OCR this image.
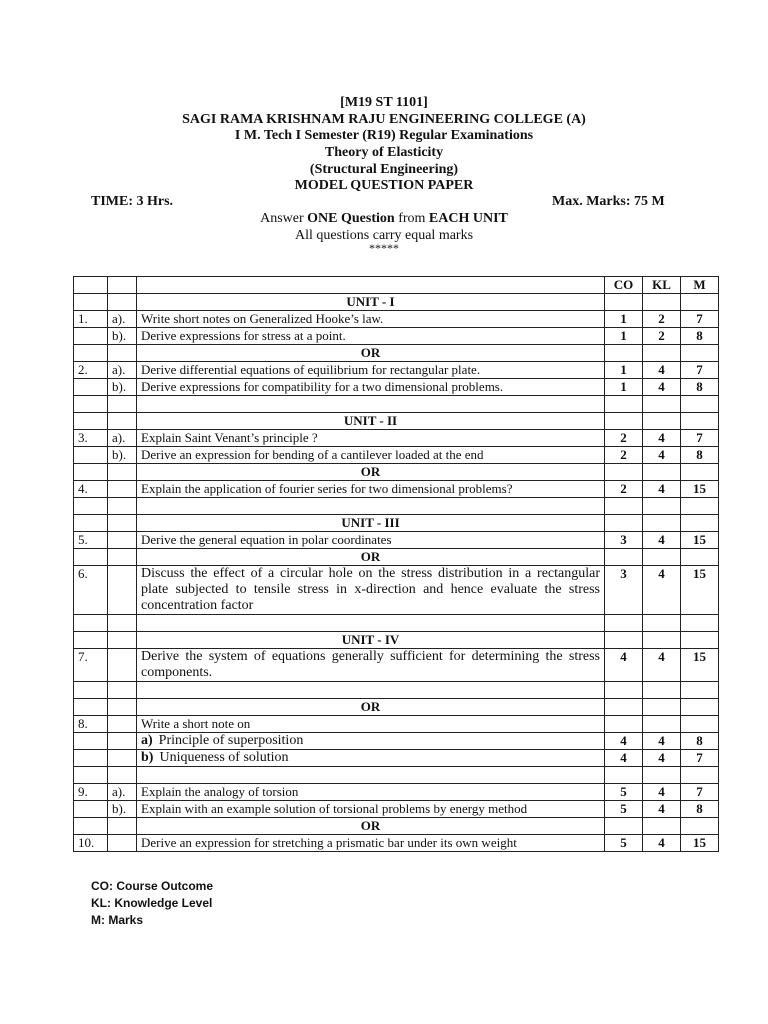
[M19 ST 1101]
SAGI RAMA KRISHNAM RAJU ENGINEERING COLLEGE (A)
I M. Tech I Semester (R19) Regular Examinations
Theory of Elasticity
(Structural Engineering)
MODEL QUESTION PAPER
TIME: 3 Hrs.	Max. Marks: 75 M
Answer ONE Question from EACH UNIT
All questions carry equal marks
*****
			CO	KL	M
		UNIT - I			
1.	a).	Write short notes on Generalized Hooke’s law.	1	2	7
	b).	Derive expressions for stress at a point.	1	2	8
		OR			
2.	a).	Derive differential equations of equilibrium for rectangular plate.	1	4	7
	b).	Derive expressions for compatibility for a two dimensional problems.	1	4	8

		UNIT - II			
3.	a).	Explain Saint Venant’s principle ?	2	4	7
	b).	Derive an expression for bending of a cantilever loaded at the end	2	4	8
		OR			
4.		Explain the application of fourier series for two dimensional problems?	2	4	15

		UNIT - III			
5.		Derive the general equation in polar coordinates	3	4	15
		OR			
6.		Discuss the effect of a circular hole on the stress distribution in a rectangular plate subjected to tensile stress in x-direction and hence evaluate the stress concentration factor	3	4	15

		UNIT - IV			
7.		Derive the system of equations generally sufficient for determining the stress components.	4	4	15

		OR			
8.		Write a short note on			
		a) Principle of superposition	4	4	8
		b) Uniqueness of solution	4	4	7

9.	a).	Explain the analogy of torsion	5	4	7
	b).	Explain with an example solution of torsional problems by energy method	5	4	8
		OR			
10.		Derive an expression for stretching a prismatic bar under its own weight	5	4	15
CO: Course Outcome
KL: Knowledge Level
M: Marks
